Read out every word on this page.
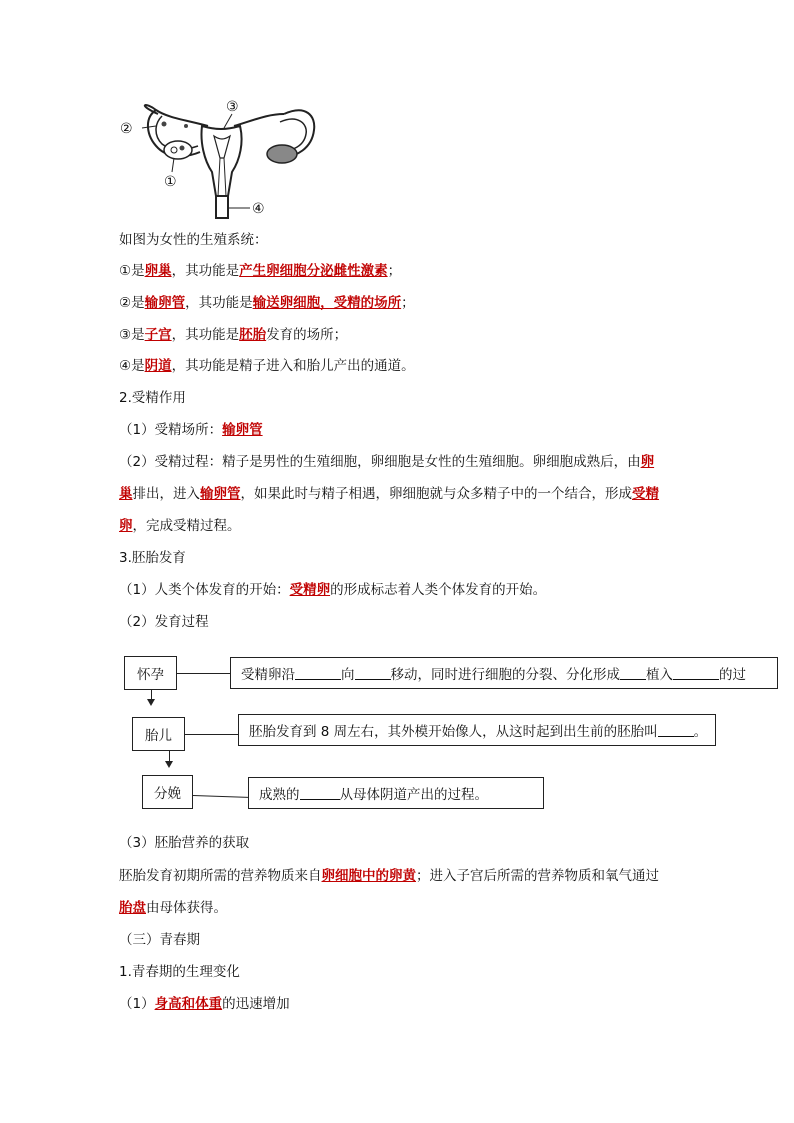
②
③
①
④
如图为女性的生殖系统：
①是卵巢，其功能是产生卵细胞分泌雌性激素；
②是输卵管，其功能是输送卵细胞，受精的场所；
③是子宫，其功能是胚胎发育的场所；
④是阴道，其功能是精子进入和胎儿产出的通道。
2.受精作用
（1）受精场所：输卵管
（2）受精过程：精子是男性的生殖细胞，卵细胞是女性的生殖细胞。卵细胞成熟后，由卵
巢排出，进入输卵管，如果此时与精子相遇，卵细胞就与众多精子中的一个结合，形成受精
卵，完成受精过程。
3.胚胎发育
（1）人类个体发育的开始：受精卵的形成标志着人类个体发育的开始。
（2）发育过程
怀孕	受精卵沿	向	移动，同时进行细胞的分裂、分化形成 植入	的过
胎儿	胚胎发育到 8 周左右，其外模开始像人，从这时起到出生前的胚胎叫	。
分娩	成熟的	从母体阴道产出的过程。
（3）胚胎营养的获取
胚胎发育初期所需的营养物质来自卵细胞中的卵黄；进入子宫后所需的营养物质和氧气通过
胎盘由母体获得。
（三）青春期
1.青春期的生理变化
（1）身高和体重的迅速增加
